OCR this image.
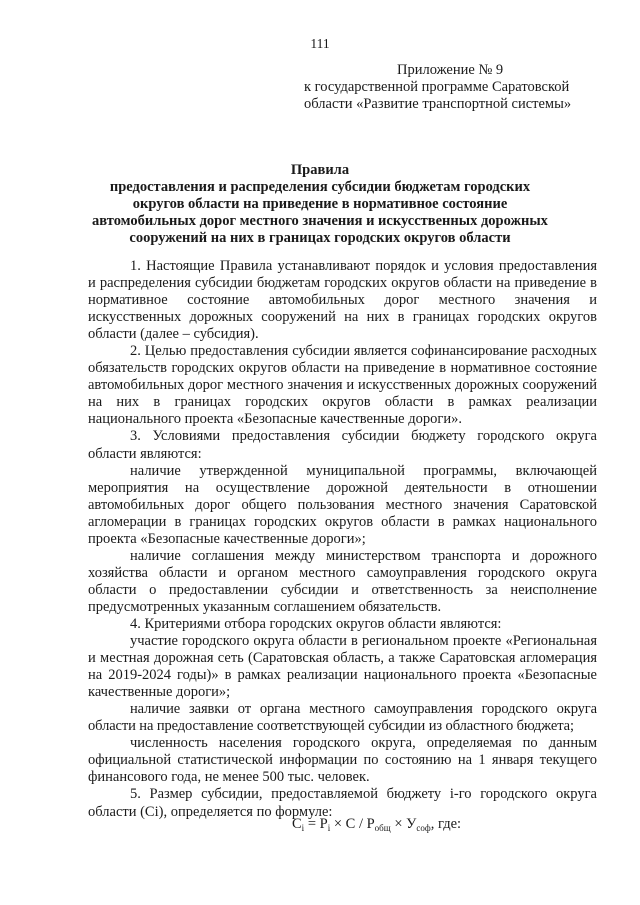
111
Приложение № 9
к государственной программе Саратовской
области «Развитие транспортной системы»
Правила
предоставления и распределения субсидии бюджетам городских округов области на приведение в нормативное состояние автомобильных дорог местного значения и искусственных дорожных сооружений на них в границах городских округов области

1. Настоящие Правила устанавливают порядок и условия предоставления и распределения субсидии бюджетам городских округов области на приведение в нормативное состояние автомобильных дорог местного значения и искусственных дорожных сооружений на них в границах городских округов области (далее – субсидия).

2. Целью предоставления субсидии является софинансирование расходных обязательств городских округов области на приведение в нормативное состояние автомобильных дорог местного значения и искусственных дорожных сооружений на них в границах городских округов области в рамках реализации национального проекта «Безопасные качественные дороги».

3. Условиями предоставления субсидии бюджету городского округа области являются:

наличие утвержденной муниципальной программы, включающей мероприятия на осуществление дорожной деятельности в отношении автомобильных дорог общего пользования местного значения Саратовской агломерации в границах городских округов области в рамках национального проекта «Безопасные качественные дороги»;

наличие соглашения между министерством транспорта и дорожного хозяйства области и органом местного самоуправления городского округа области о предоставлении субсидии и ответственность за неисполнение предусмотренных указанным соглашением обязательств.

4. Критериями отбора городских округов области являются:

участие городского округа области в региональном проекте «Региональная и местная дорожная сеть (Саратовская область, а также Саратовская агломерация на 2019-2024 годы)» в рамках реализации национального проекта «Безопасные качественные дороги»;

наличие заявки от органа местного самоуправления городского округа области на предоставление соответствующей субсидии из областного бюджета;

численность населения городского округа, определяемая по данным официальной статистической информации по состоянию на 1 января текущего финансового года, не менее 500 тыс. человек.

5. Размер субсидии, предоставляемой бюджету i-го городского округа области (Сi), определяется по формуле:

$С_i = Р_i \times С / Р_{общ} \times У_{соф}$, где:
